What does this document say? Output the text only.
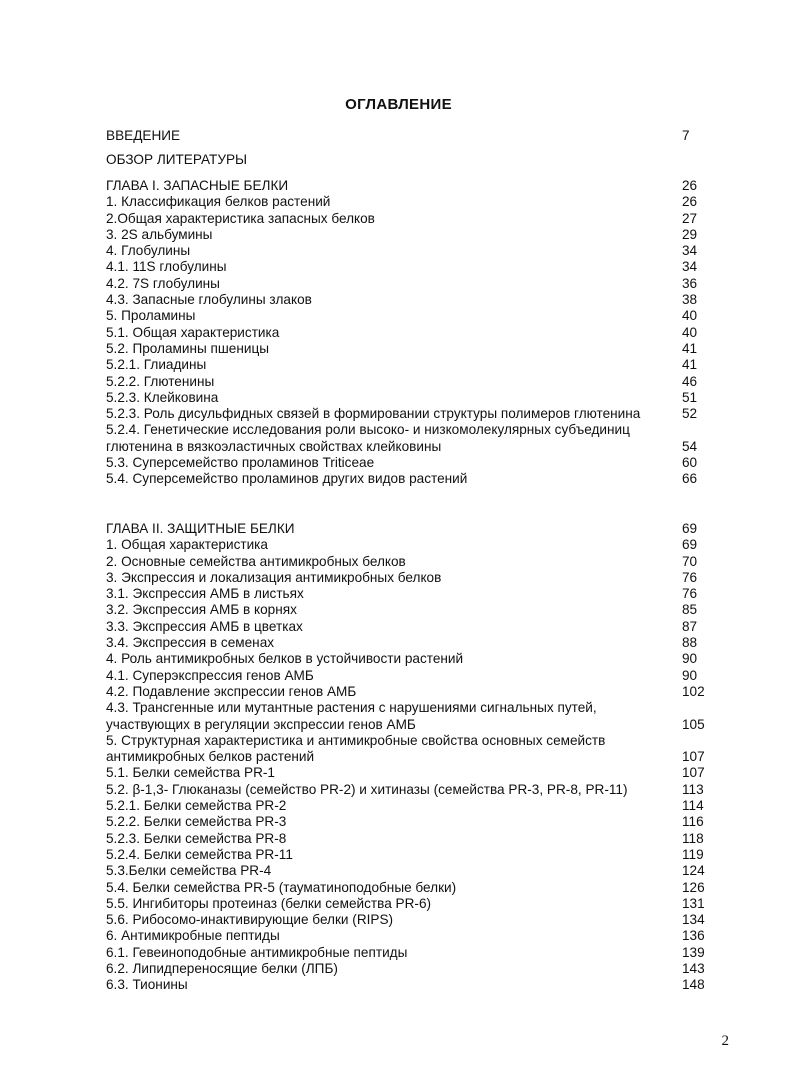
ОГЛАВЛЕНИЕ
ВВЕДЕНИЕ	7
ОБЗОР ЛИТЕРАТУРЫ
ГЛАВА I. ЗАПАСНЫЕ БЕЛКИ	26
1. Классификация белков растений	26
2.Общая характеристика запасных белков	27
3. 2S альбумины	29
4. Глобулины	34
4.1. 11S глобулины	34
4.2. 7S глобулины	36
4.3. Запасные глобулины злаков	38
5. Проламины	40
5.1. Общая характеристика	40
5.2. Проламины пшеницы	41
5.2.1. Глиадины	41
5.2.2. Глютенины	46
5.2.3. Клейковина	51
5.2.3. Роль дисульфидных связей в формировании структуры полимеров глютенина	52
5.2.4. Генетические исследования роли высоко- и низкомолекулярных субъединиц глютенина в вязкоэластичных свойствах клейковины	54
5.3. Суперсемейство проламинов Triticeae	60
5.4. Суперсемейство проламинов других видов растений	66
ГЛАВА II. ЗАЩИТНЫЕ БЕЛКИ	69
1. Общая характеристика	69
2. Основные семейства антимикробных белков	70
3. Экспрессия и локализация антимикробных белков	76
3.1. Экспрессия АМБ в листьях	76
3.2. Экспрессия АМБ в корнях	85
3.3. Экспрессия АМБ в цветках	87
3.4. Экспрессия в семенах	88
4. Роль антимикробных белков в устойчивости растений	90
4.1. Суперэкспрессия генов АМБ	90
4.2. Подавление экспрессии генов АМБ	102
4.3. Трансгенные или мутантные растения с нарушениями сигнальных путей, участвующих в регуляции экспрессии генов АМБ	105
5. Структурная характеристика и антимикробные свойства основных семейств антимикробных белков растений	107
5.1. Белки семейства PR-1	107
5.2. β-1,3- Глюканазы (семейство PR-2) и хитиназы (семейства PR-3, PR-8, PR-11)	113
5.2.1. Белки семейства PR-2	114
5.2.2. Белки семейства PR-3	116
5.2.3. Белки семейства PR-8	118
5.2.4. Белки семейства PR-11	119
5.3.Белки семейства PR-4	124
5.4. Белки семейства PR-5 (тауматиноподобные белки)	126
5.5. Ингибиторы протеиназ (белки семейства PR-6)	131
5.6. Рибосомо-инактивирующие белки (RIPS)	134
6. Антимикробные пептиды	136
6.1. Гевеиноподобные антимикробные пептиды	139
6.2. Липидпереносящие белки (ЛПБ)	143
6.3. Тионины	148
2
